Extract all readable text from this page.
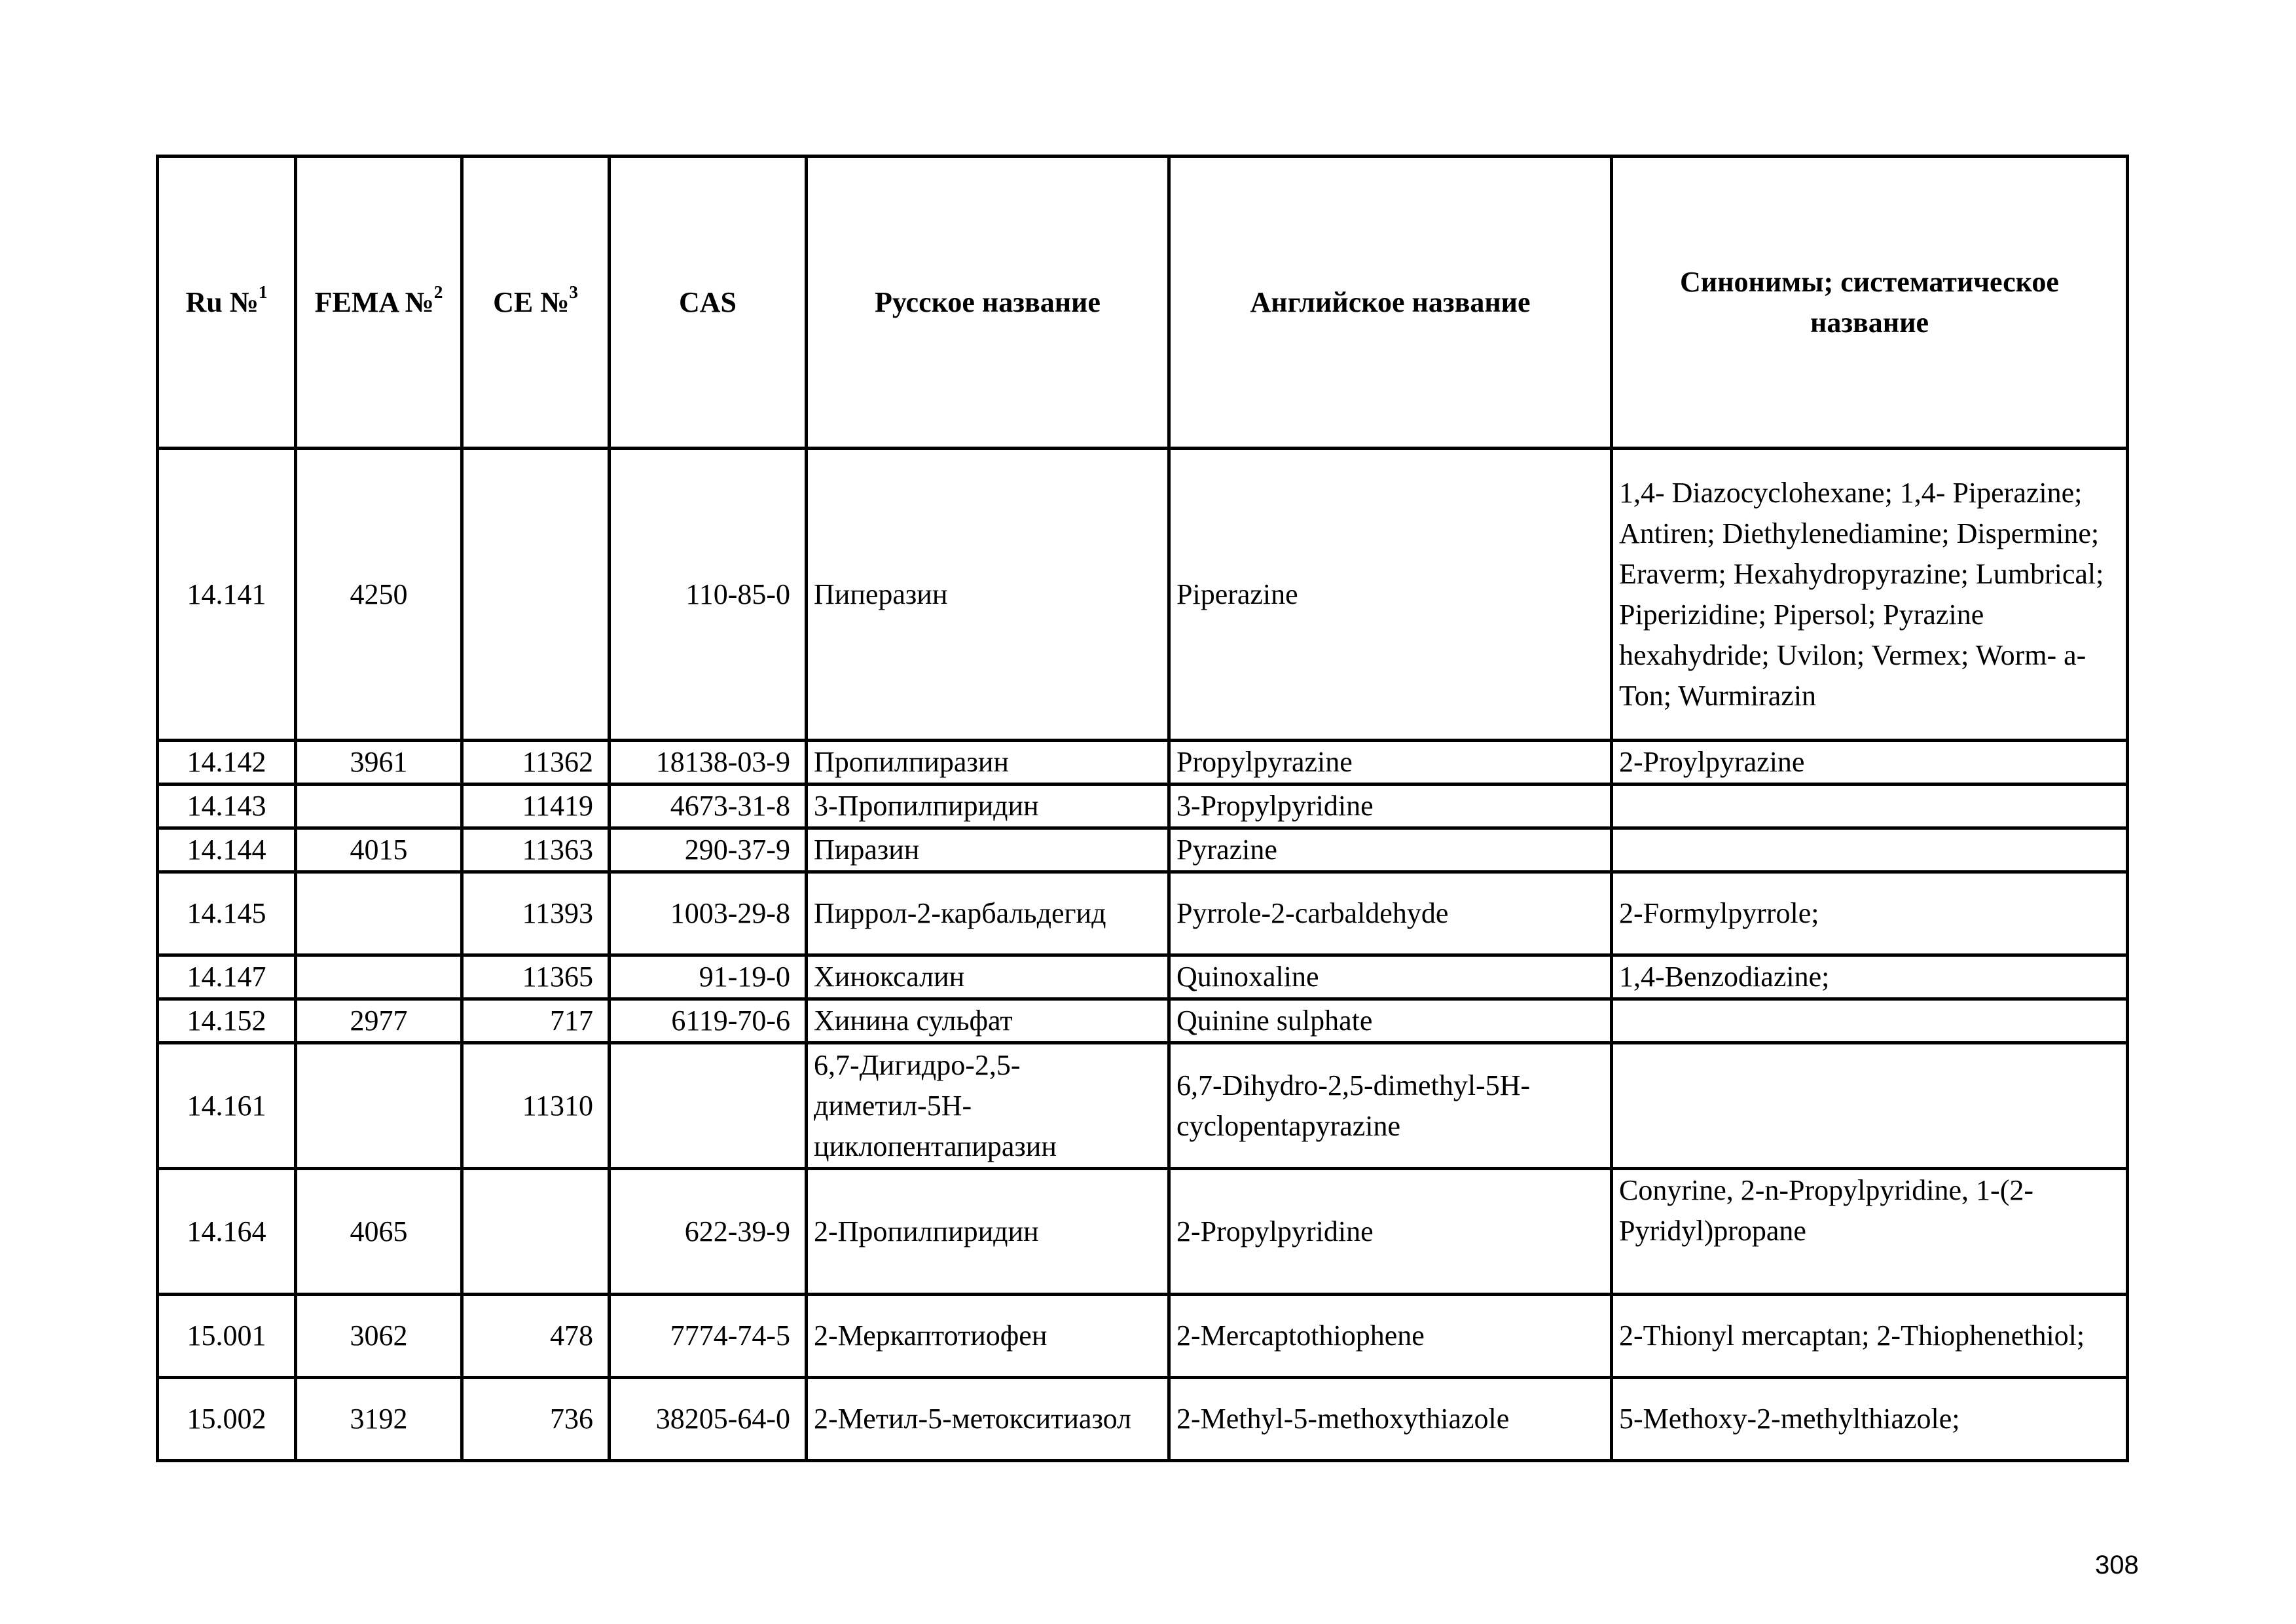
Ru №$^1$	FEMA №$^2$	CE №$^3$	CAS	Русское название	Английское название	Синонимы; систематическое название
14.141	4250		110-85-0	Пиперазин	Piperazine	1,4- Diazocyclohexane; 1,4- Piperazine; Antiren; Diethylenediamine; Dispermine; Eraverm; Hexahydropyrazine; Lumbrical; Piperizidine; Pipersol; Pyrazine hexahydride; Uvilon; Vermex; Worm- a- Ton; Wurmirazin
14.142	3961	11362	18138-03-9	Пропилпиразин	Propylpyrazine	2-Proylpyrazine
14.143		11419	4673-31-8	3-Пропилпиридин	3-Propylpyridine	
14.144	4015	11363	290-37-9	Пиразин	Pyrazine	
14.145		11393	1003-29-8	Пиррол-2-карбальдегид	Pyrrole-2-carbaldehyde	2-Formylpyrrole;
14.147		11365	91-19-0	Хиноксалин	Quinoxaline	1,4-Benzodiazine;
14.152	2977	717	6119-70-6	Хинина сульфат	Quinine sulphate	
14.161		11310		6,7-Дигидро-2,5-диметил-5H-циклопентапиразин	6,7-Dihydro-2,5-dimethyl-5H-cyclopentapyrazine	
14.164	4065		622-39-9	2-Пропилпиридин	2-Propylpyridine	Conyrine, 2-n-Propylpyridine, 1-(2-Pyridyl)propane
15.001	3062	478	7774-74-5	2-Меркаптотиофен	2-Mercaptothiophene	2-Thionyl mercaptan; 2-Thiophenethiol;
15.002	3192	736	38205-64-0	2-Метил-5-метокситиазол	2-Methyl-5-methoxythiazole	5-Methoxy-2-methylthiazole;
308
